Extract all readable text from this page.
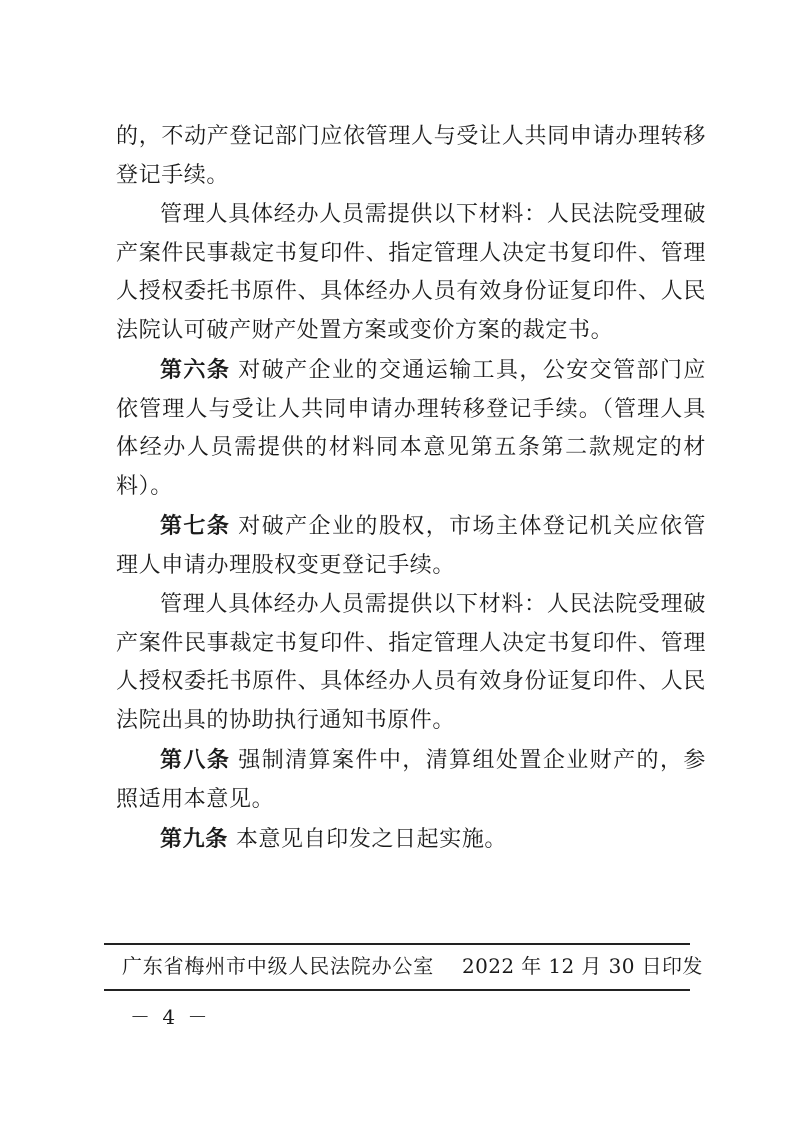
的，不动产登记部门应依管理人与受让人共同申请办理转移登记手续。

管理人具体经办人员需提供以下材料：人民法院受理破产案件民事裁定书复印件、指定管理人决定书复印件、管理人授权委托书原件、具体经办人员有效身份证复印件、人民法院认可破产财产处置方案或变价方案的裁定书。

第六条 对破产企业的交通运输工具，公安交管部门应依管理人与受让人共同申请办理转移登记手续。（管理人具体经办人员需提供的材料同本意见第五条第二款规定的材料）。

第七条 对破产企业的股权，市场主体登记机关应依管理人申请办理股权变更登记手续。

管理人具体经办人员需提供以下材料：人民法院受理破产案件民事裁定书复印件、指定管理人决定书复印件、管理人授权委托书原件、具体经办人员有效身份证复印件、人民法院出具的协助执行通知书原件。

第八条 强制清算案件中，清算组处置企业财产的，参照适用本意见。

第九条 本意见自印发之日起实施。

广东省梅州市中级人民法院办公室 2022 年 12 月 30 日印发
－ 4 －
